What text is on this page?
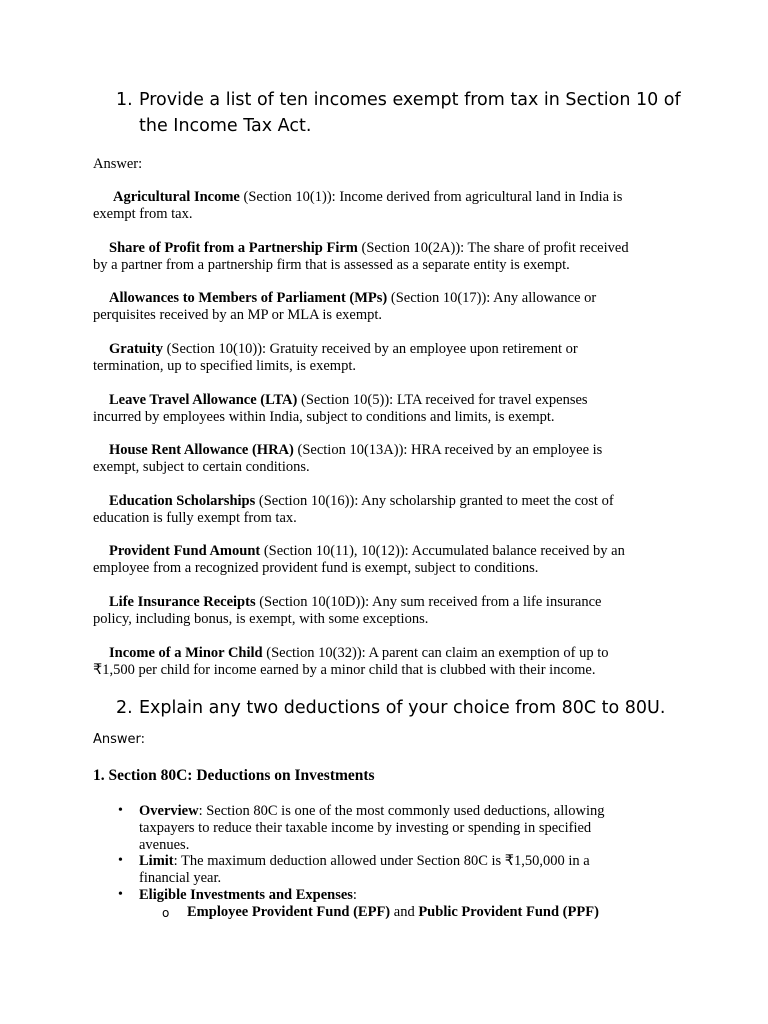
1. Provide a list of ten incomes exempt from tax in Section 10 of
the Income Tax Act.
Answer:
Agricultural Income (Section 10(1)): Income derived from agricultural land in India is
exempt from tax.
Share of Profit from a Partnership Firm (Section 10(2A)): The share of profit received
by a partner from a partnership firm that is assessed as a separate entity is exempt.
Allowances to Members of Parliament (MPs) (Section 10(17)): Any allowance or
perquisites received by an MP or MLA is exempt.
Gratuity (Section 10(10)): Gratuity received by an employee upon retirement or
termination, up to specified limits, is exempt.
Leave Travel Allowance (LTA) (Section 10(5)): LTA received for travel expenses
incurred by employees within India, subject to conditions and limits, is exempt.
House Rent Allowance (HRA) (Section 10(13A)): HRA received by an employee is
exempt, subject to certain conditions.
Education Scholarships (Section 10(16)): Any scholarship granted to meet the cost of
education is fully exempt from tax.
Provident Fund Amount (Section 10(11), 10(12)): Accumulated balance received by an
employee from a recognized provident fund is exempt, subject to conditions.
Life Insurance Receipts (Section 10(10D)): Any sum received from a life insurance
policy, including bonus, is exempt, with some exceptions.
Income of a Minor Child (Section 10(32)): A parent can claim an exemption of up to
₹1,500 per child for income earned by a minor child that is clubbed with their income.
2. Explain any two deductions of your choice from 80C to 80U.
Answer:
1. Section 80C: Deductions on Investments
• Overview: Section 80C is one of the most commonly used deductions, allowing
taxpayers to reduce their taxable income by investing or spending in specified
avenues.
• Limit: The maximum deduction allowed under Section 80C is ₹1,50,000 in a
financial year.
• Eligible Investments and Expenses:
o Employee Provident Fund (EPF) and Public Provident Fund (PPF)
